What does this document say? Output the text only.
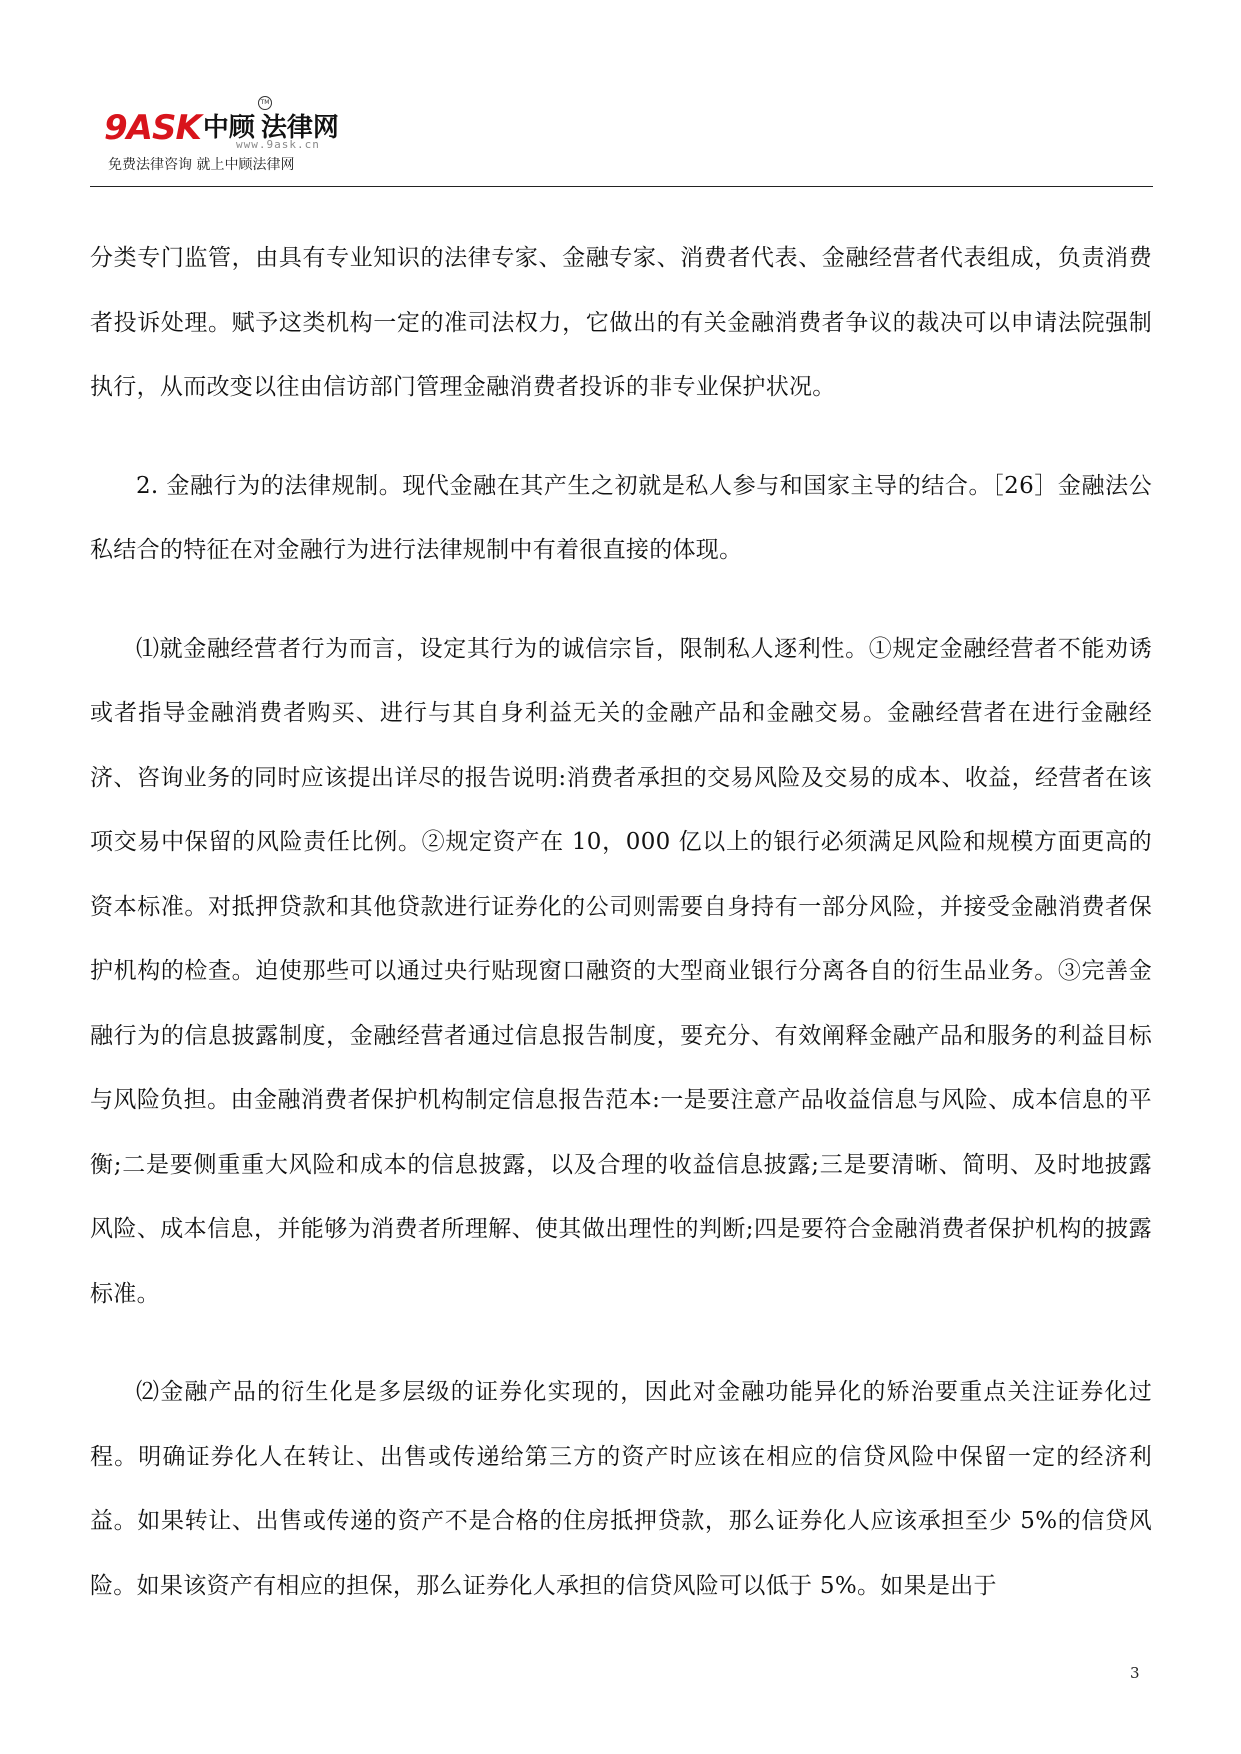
9ASK 中顾 法律网
TM
www.9ask.cn
免费法律咨询 就上中顾法律网

分类专门监管，由具有专业知识的法律专家、金融专家、消费者代表、金融经营者代表组成，负责消费者投诉处理。赋予这类机构一定的准司法权力，它做出的有关金融消费者争议的裁决可以申请法院强制执行，从而改变以往由信访部门管理金融消费者投诉的非专业保护状况。

2. 金融行为的法律规制。现代金融在其产生之初就是私人参与和国家主导的结合。［26］金融法公私结合的特征在对金融行为进行法律规制中有着很直接的体现。

⑴就金融经营者行为而言，设定其行为的诚信宗旨，限制私人逐利性。①规定金融经营者不能劝诱或者指导金融消费者购买、进行与其自身利益无关的金融产品和金融交易。金融经营者在进行金融经济、咨询业务的同时应该提出详尽的报告说明:消费者承担的交易风险及交易的成本、收益，经营者在该项交易中保留的风险责任比例。②规定资产在 10，000 亿以上的银行必须满足风险和规模方面更高的资本标准。对抵押贷款和其他贷款进行证券化的公司则需要自身持有一部分风险，并接受金融消费者保护机构的检查。迫使那些可以通过央行贴现窗口融资的大型商业银行分离各自的衍生品业务。③完善金融行为的信息披露制度，金融经营者通过信息报告制度，要充分、有效阐释金融产品和服务的利益目标与风险负担。由金融消费者保护机构制定信息报告范本:一是要注意产品收益信息与风险、成本信息的平衡;二是要侧重重大风险和成本的信息披露，以及合理的收益信息披露;三是要清晰、简明、及时地披露风险、成本信息，并能够为消费者所理解、使其做出理性的判断;四是要符合金融消费者保护机构的披露标准。

⑵金融产品的衍生化是多层级的证券化实现的，因此对金融功能异化的矫治要重点关注证券化过程。明确证券化人在转让、出售或传递给第三方的资产时应该在相应的信贷风险中保留一定的经济利益。如果转让、出售或传递的资产不是合格的住房抵押贷款，那么证券化人应该承担至少 5%的信贷风险。如果该资产有相应的担保，那么证券化人承担的信贷风险可以低于 5%。如果是出于

3
